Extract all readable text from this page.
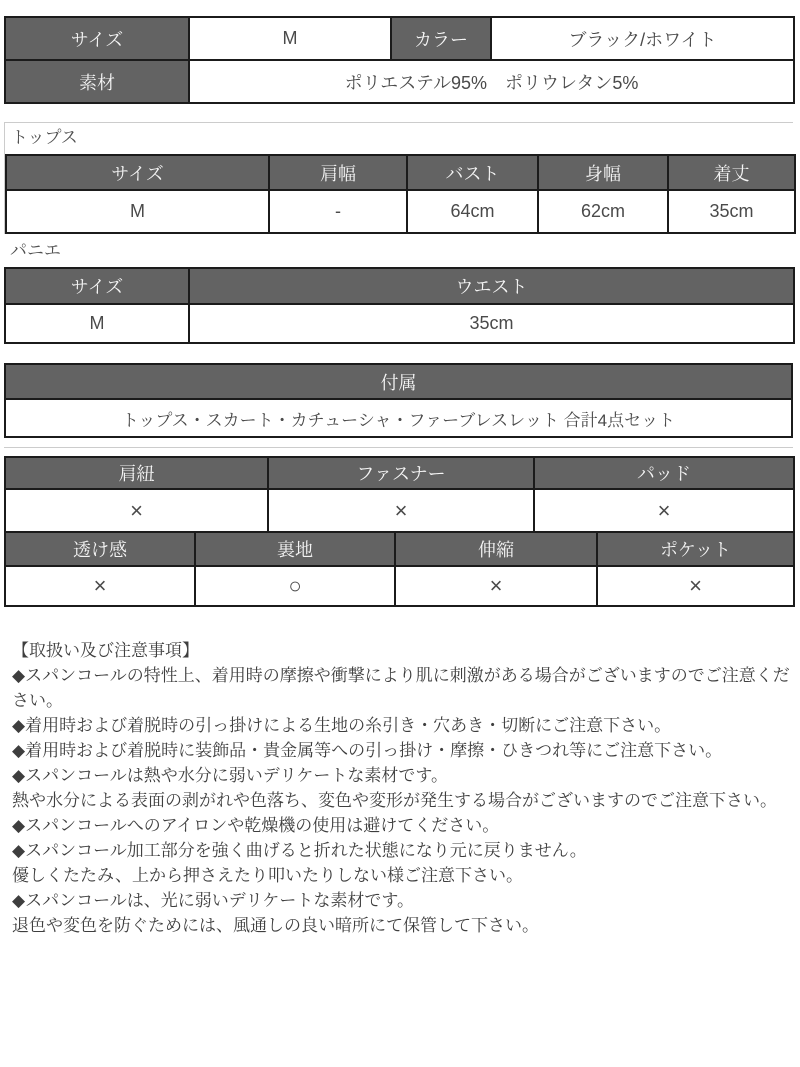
サイズ	M	カラー	ブラック/ホワイト
素材	ポリエステル95%　ポリウレタン5%		
トップス
サイズ	肩幅	バスト	身幅	着丈
M	-	64cm	62cm	35cm
パニエ
サイズ	ウエスト
M	35cm
付属
トップス・スカート・カチューシャ・ファーブレスレット 合計4点セット
肩紐	ファスナー	パッド
×	×	×
透け感	裏地	伸縮	ポケット
×	○	×	×

【取扱い及び注意事項】

◆スパンコールの特性上、着用時の摩擦や衝撃により肌に刺激がある場合がございますのでご注意ください。

◆着用時および着脱時の引っ掛けによる生地の糸引き・穴あき・切断にご注意下さい。

◆着用時および着脱時に装飾品・貴金属等への引っ掛け・摩擦・ひきつれ等にご注意下さい。

◆スパンコールは熱や水分に弱いデリケートな素材です。

熱や水分による表面の剥がれや色落ち、変色や変形が発生する場合がございますのでご注意下さい。

◆スパンコールへのアイロンや乾燥機の使用は避けてください。

◆スパンコール加工部分を強く曲げると折れた状態になり元に戻りません。

優しくたたみ、上から押さえたり叩いたりしない様ご注意下さい。

◆スパンコールは、光に弱いデリケートな素材です。

退色や変色を防ぐためには、風通しの良い暗所にて保管して下さい。
